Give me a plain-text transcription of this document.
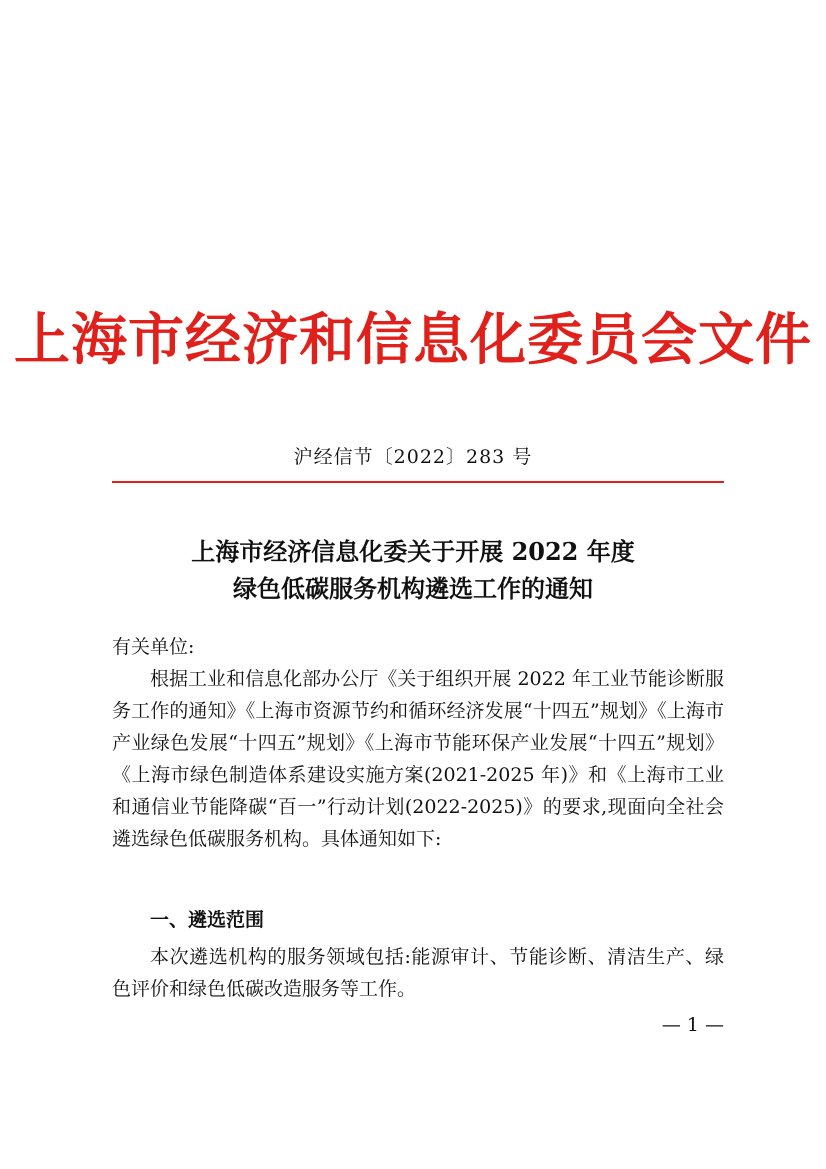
上海市经济和信息化委员会文件
沪经信节〔2022〕283 号
上海市经济信息化委关于开展 2022 年度
绿色低碳服务机构遴选工作的通知
有关单位:
根据工业和信息化部办公厅《关于组织开展 2022 年工业节能诊断服务工作的通知》《上海市资源节约和循环经济发展“十四五”规划》《上海市产业绿色发展“十四五”规划》《上海市节能环保产业发展“十四五”规划》《上海市绿色制造体系建设实施方案(2021-2025 年)》和《上海市工业和通信业节能降碳“百一”行动计划(2022-2025)》的要求,现面向全社会遴选绿色低碳服务机构。具体通知如下:
一、遴选范围
本次遴选机构的服务领域包括:能源审计、节能诊断、清洁生产、绿色评价和绿色低碳改造服务等工作。
— 1 —
